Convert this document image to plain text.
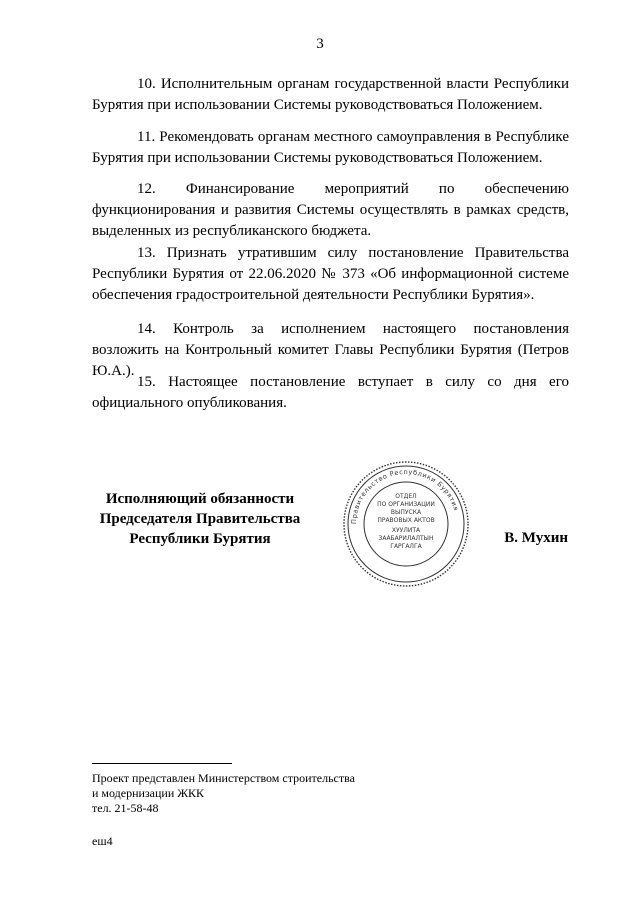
3

10. Исполнительным органам государственной власти Республики Бурятия при использовании Системы руководствоваться Положением.

11. Рекомендовать органам местного самоуправления в Республике Бурятия при использовании Системы руководствоваться Положением.

12. Финансирование мероприятий по обеспечению функционирования и развития Системы осуществлять в рамках средств, выделенных из республиканского бюджета.

13. Признать утратившим силу постановление Правительства Республики Бурятия от 22.06.2020 № 373 «Об информационной системе обеспечения градостроительной деятельности Республики Бурятия».

14. Контроль за исполнением настоящего постановления возложить на Контрольный комитет Главы Республики Бурятия (Петров Ю.А.).

15. Настоящее постановление вступает в силу со дня его официального опубликования.

Исполняющий обязанности
Председателя Правительства
Республики Бурятия
Правительство Республики Бурятия
ОТДЕЛ
ПО ОРГАНИЗАЦИИ
ВЫПУСКА
ПРАВОВЫХ АКТОВ
ХУУЛИТА
ЗААБАРИЛАЛТЫН
ГАРГАЛГА
В. Мухин
Проект представлен Министерством строительства
и модернизации ЖКК
тел. 21-58-48
еш4
